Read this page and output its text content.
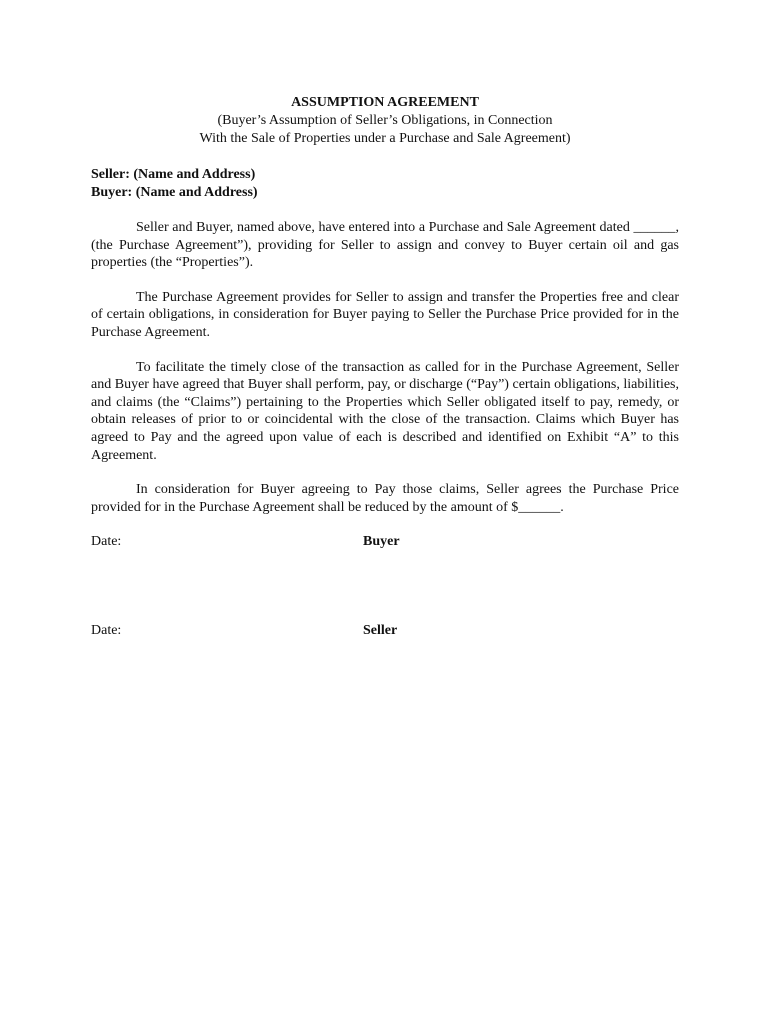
ASSUMPTION AGREEMENT
(Buyer’s Assumption of Seller’s Obligations, in Connection
With the Sale of Properties under a Purchase and Sale Agreement)
Seller: (Name and Address)
Buyer: (Name and Address)

Seller and Buyer, named above, have entered into a Purchase and Sale Agreement dated ______, (the Purchase Agreement”), providing for Seller to assign and convey to Buyer certain oil and gas properties (the “Properties”).

The Purchase Agreement provides for Seller to assign and transfer the Properties free and clear of certain obligations, in consideration for Buyer paying to Seller the Purchase Price provided for in the Purchase Agreement.

To facilitate the timely close of the transaction as called for in the Purchase Agreement, Seller and Buyer have agreed that Buyer shall perform, pay, or discharge (“Pay”) certain obligations, liabilities, and claims (the “Claims”) pertaining to the Properties which Seller obligated itself to pay, remedy, or obtain releases of prior to or coincidental with the close of the transaction. Claims which Buyer has agreed to Pay and the agreed upon value of each is described and identified on Exhibit “A” to this Agreement.

In consideration for Buyer agreeing to Pay those claims, Seller agrees the Purchase Price provided for in the Purchase Agreement shall be reduced by the amount of $______.

Date:	Buyer
Date:	Seller
